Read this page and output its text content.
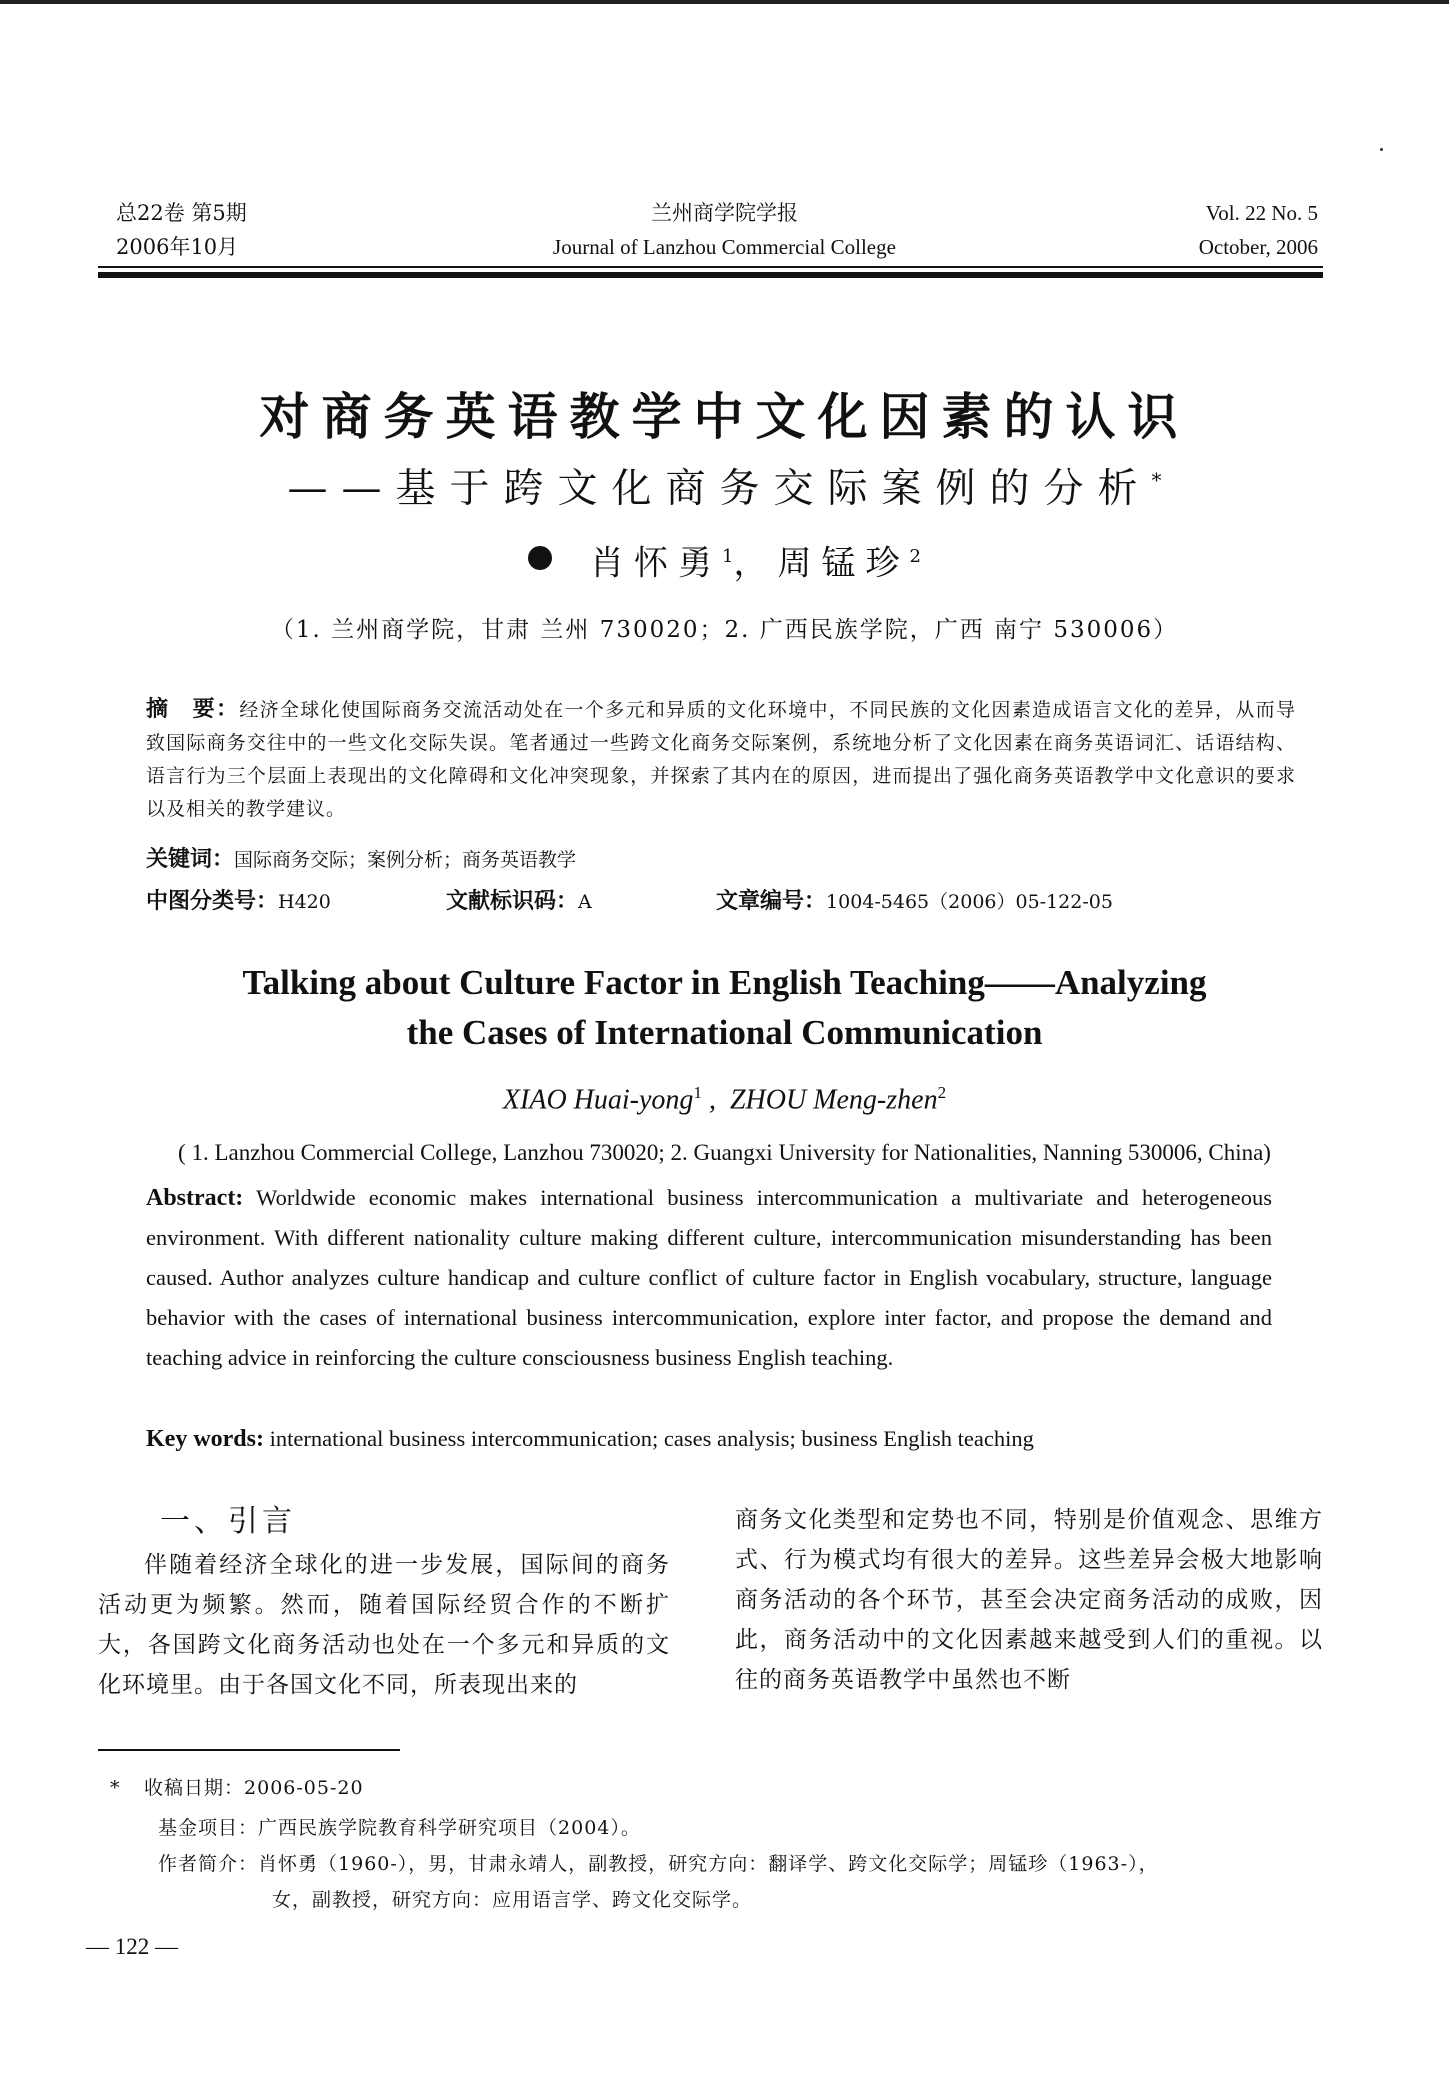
总22卷 第5期
2006年10月
兰州商学院学报
Journal of Lanzhou Commercial College
Vol. 22 No. 5
October, 2006
对商务英语教学中文化因素的认识
——基于跨文化商务交际案例的分析*
肖怀勇$^1$，周锰珍$^2$
（1. 兰州商学院，甘肃 兰州 730020；2. 广西民族学院，广西 南宁 530006）
摘　要：经济全球化使国际商务交流活动处在一个多元和异质的文化环境中，不同民族的文化因素造成语言文化的差异，从而导致国际商务交往中的一些文化交际失误。笔者通过一些跨文化商务交际案例，系统地分析了文化因素在商务英语词汇、话语结构、语言行为三个层面上表现出的文化障碍和文化冲突现象，并探索了其内在的原因，进而提出了强化商务英语教学中文化意识的要求以及相关的教学建议。
关键词：国际商务交际；案例分析；商务英语教学
中图分类号：H420	文献标识码：A	文章编号：1004-5465（2006）05-122-05
Talking about Culture Factor in English Teaching——Analyzing
the Cases of International Communication
XIAO Huai-yong$^1$ ,  ZHOU Meng-zhen$^2$
( 1. Lanzhou Commercial College, Lanzhou 730020; 2. Guangxi University for Nationalities, Nanning 530006, China)
Abstract: Worldwide economic makes international business intercommunication a multivariate and heterogeneous environment. With different nationality culture making different culture, intercommunication misunderstanding has been caused. Author analyzes culture handicap and culture conflict of culture factor in English vocabulary, structure, language behavior with the cases of international business intercommunication, explore inter factor, and propose the demand and teaching advice in reinforcing the culture consciousness business English teaching.
Key words: international business intercommunication; cases analysis; business English teaching
一、引言
伴随着经济全球化的进一步发展，国际间的商务活动更为频繁。然而，随着国际经贸合作的不断扩大，各国跨文化商务活动也处在一个多元和异质的文化环境里。由于各国文化不同，所表现出来的
商务文化类型和定势也不同，特别是价值观念、思维方式、行为模式均有很大的差异。这些差异会极大地影响商务活动的各个环节，甚至会决定商务活动的成败，因此，商务活动中的文化因素越来越受到人们的重视。以往的商务英语教学中虽然也不断
* 收稿日期：2006-05-20
基金项目：广西民族学院教育科学研究项目（2004）。
作者简介：肖怀勇（1960-），男，甘肃永靖人，副教授，研究方向：翻译学、跨文化交际学；周锰珍（1963-），
女，副教授，研究方向：应用语言学、跨文化交际学。
— 122 —
